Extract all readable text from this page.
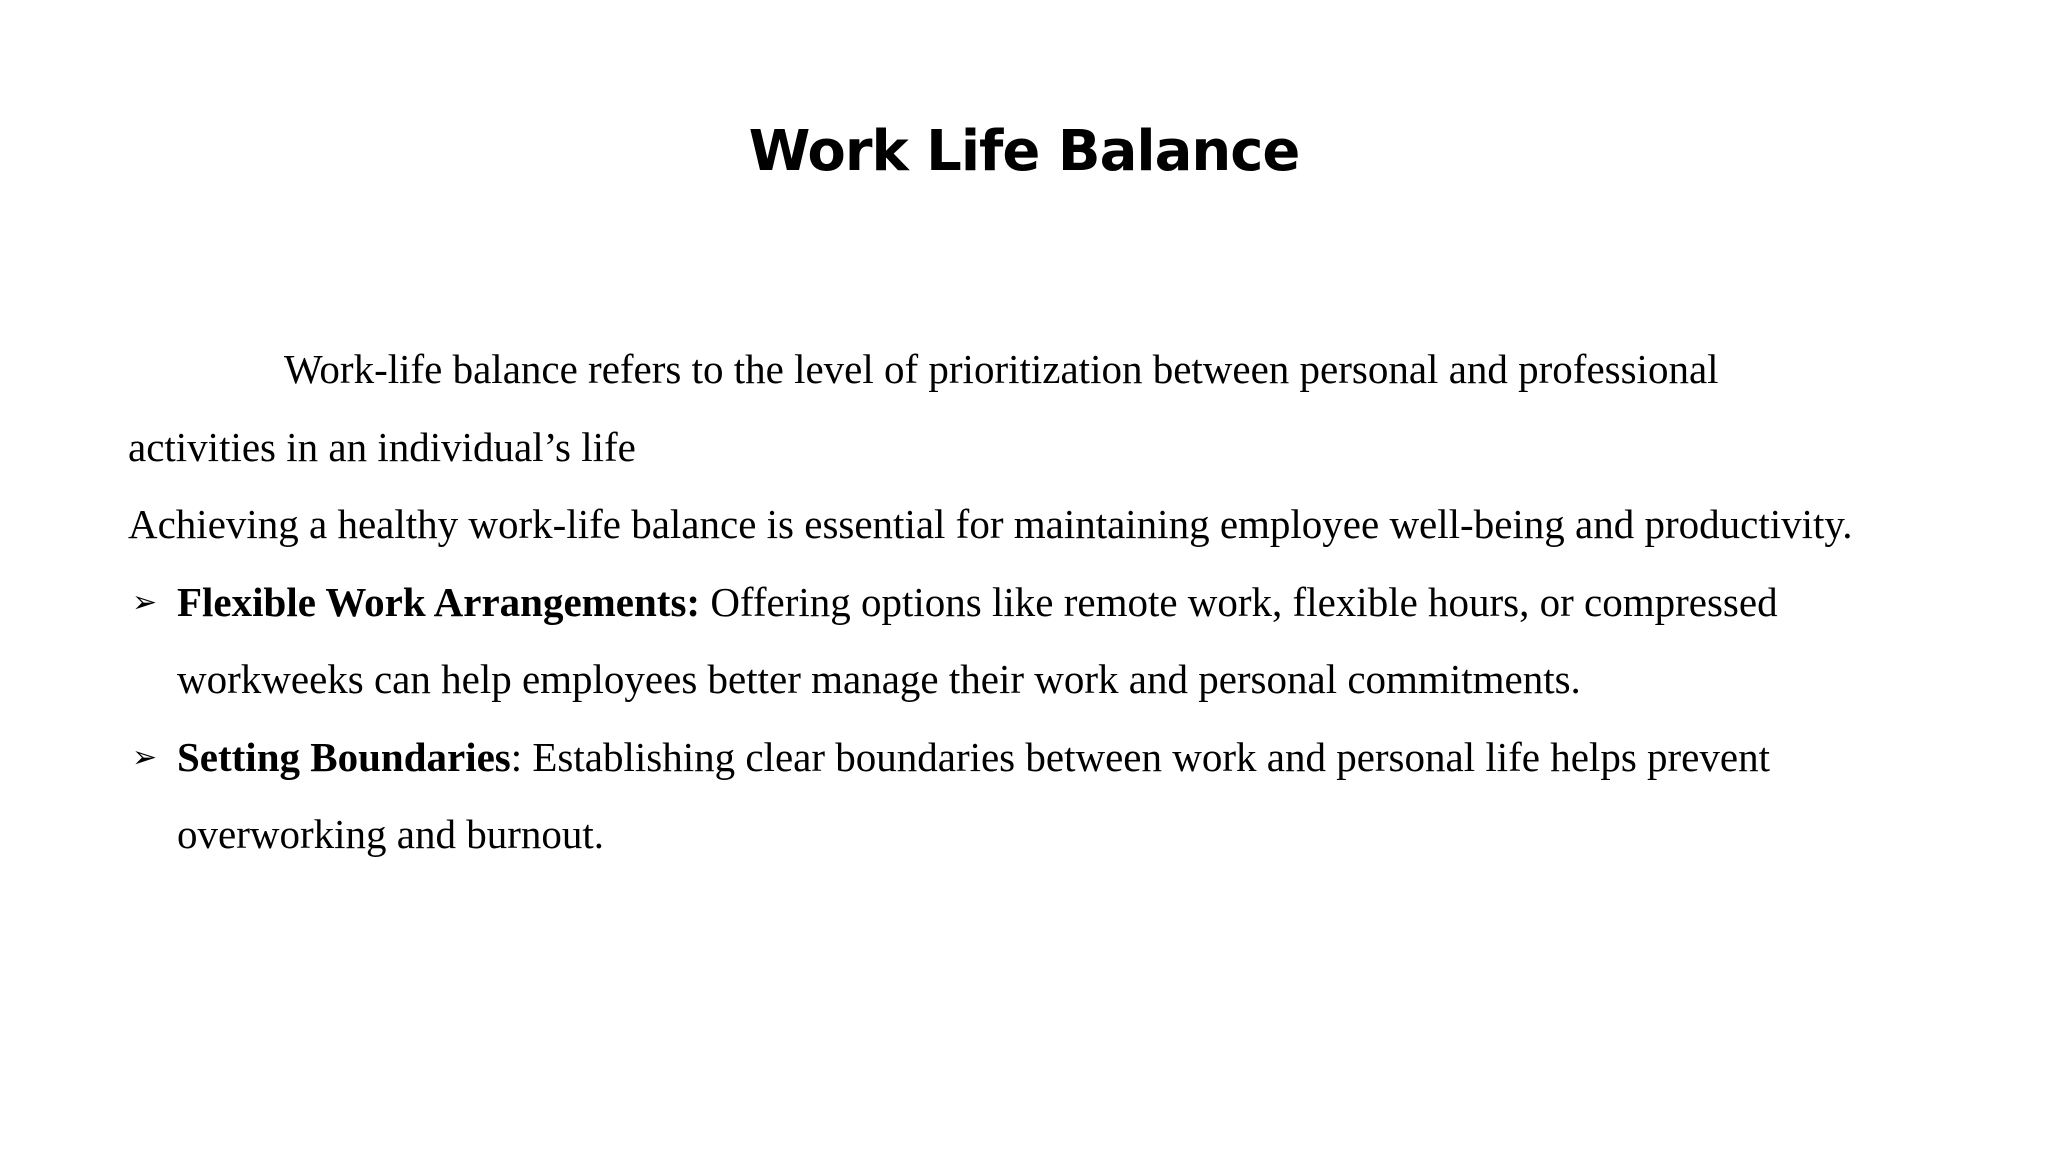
Work Life Balance

Work-life balance refers to the level of prioritization between personal and professional

activities in an individual’s life

Achieving a healthy work-life balance is essential for maintaining employee well-being and productivity.

➢ Flexible Work Arrangements: Offering options like remote work, flexible hours, or compressed
workweeks can help employees better manage their work and personal commitments.
➢ Setting Boundaries: Establishing clear boundaries between work and personal life helps prevent
overworking and burnout.
